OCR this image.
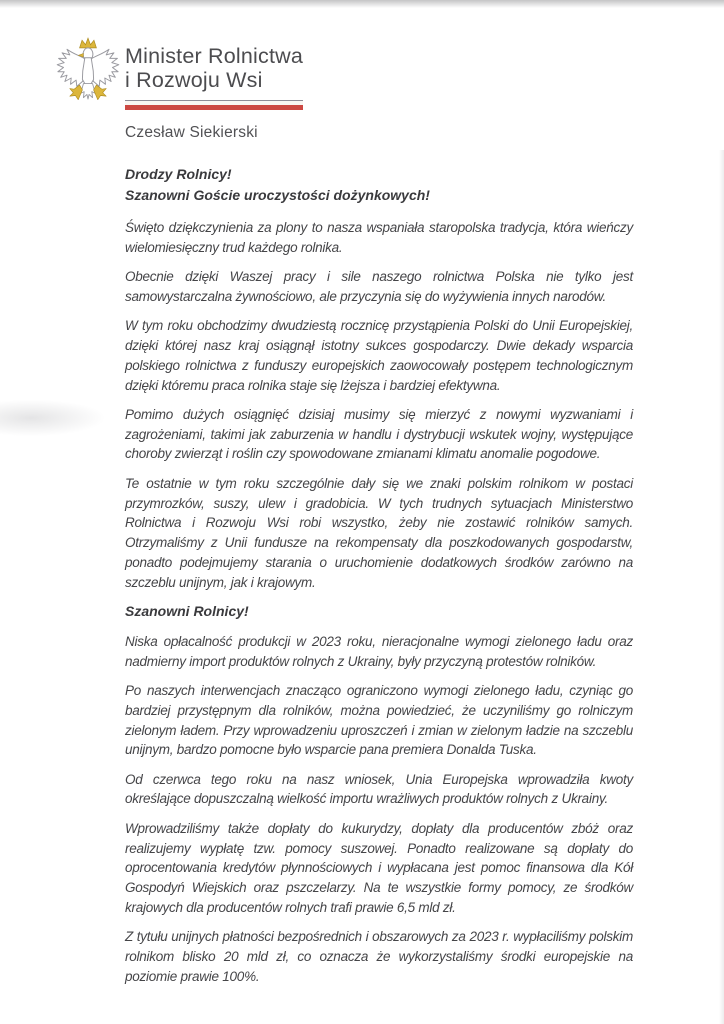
Minister Rolnictwa
i Rozwoju Wsi
Czesław Siekierski

Drodzy Rolnicy!

Szanowni Goście uroczystości dożynkowych!

Święto dziękczynienia za plony to nasza wspaniała staropolska tradycja, która wieńczy wielomiesięczny trud każdego rolnika.

Obecnie dzięki Waszej pracy i sile naszego rolnictwa Polska nie tylko jest samowystarczalna żywnościowo, ale przyczynia się do wyżywienia innych narodów.

W tym roku obchodzimy dwudziestą rocznicę przystąpienia Polski do Unii Europejskiej, dzięki której nasz kraj osiągnął istotny sukces gospodarczy. Dwie dekady wsparcia polskiego rolnictwa z funduszy europejskich zaowocowały postępem technologicznym dzięki któremu praca rolnika staje się lżejsza i bardziej efektywna.

Pomimo dużych osiągnięć dzisiaj musimy się mierzyć z nowymi wyzwaniami i zagrożeniami, takimi jak zaburzenia w handlu i dystrybucji wskutek wojny, występujące choroby zwierząt i roślin czy spowodowane zmianami klimatu anomalie pogodowe.

Te ostatnie w tym roku szczególnie dały się we znaki polskim rolnikom w postaci przymrozków, suszy, ulew i gradobicia. W tych trudnych sytuacjach Ministerstwo Rolnictwa i Rozwoju Wsi robi wszystko, żeby nie zostawić rolników samych. Otrzymaliśmy z Unii fundusze na rekompensaty dla poszkodowanych gospodarstw, ponadto podejmujemy starania o uruchomienie dodatkowych środków zarówno na szczeblu unijnym, jak i krajowym.

Szanowni Rolnicy!

Niska opłacalność produkcji w 2023 roku, nieracjonalne wymogi zielonego ładu oraz nadmierny import produktów rolnych z Ukrainy, były przyczyną protestów rolników.

Po naszych interwencjach znacząco ograniczono wymogi zielonego ładu, czyniąc go bardziej przystępnym dla rolników, można powiedzieć, że uczyniliśmy go rolniczym zielonym ładem. Przy wprowadzeniu uproszczeń i zmian w zielonym ładzie na szczeblu unijnym, bardzo pomocne było wsparcie pana premiera Donalda Tuska.

Od czerwca tego roku na nasz wniosek, Unia Europejska wprowadziła kwoty określające dopuszczalną wielkość importu wrażliwych produktów rolnych z Ukrainy.

Wprowadziliśmy także dopłaty do kukurydzy, dopłaty dla producentów zbóż oraz realizujemy wypłatę tzw. pomocy suszowej. Ponadto realizowane są dopłaty do oprocentowania kredytów płynnościowych i wypłacana jest pomoc finansowa dla Kół Gospodyń Wiejskich oraz pszczelarzy. Na te wszystkie formy pomocy, ze środków krajowych dla producentów rolnych trafi prawie 6,5 mld zł.

Z tytułu unijnych płatności bezpośrednich i obszarowych za 2023 r. wypłaciliśmy polskim rolnikom blisko 20 mld zł, co oznacza że wykorzystaliśmy środki europejskie na poziomie prawie 100%.
